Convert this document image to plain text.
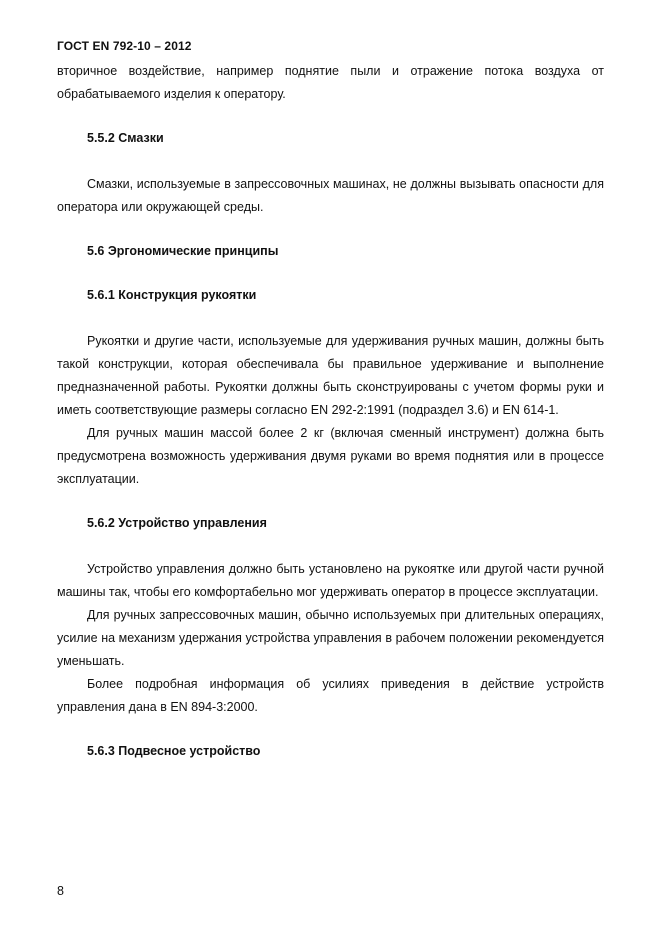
ГОСТ EN 792-10 – 2012

вторичное воздействие, например поднятие пыли и отражение потока воздуха от обрабатываемого изделия к оператору.

5.5.2 Смазки

Смазки, используемые в запрессовочных машинах, не должны вызывать опасности для оператора или окружающей среды.

5.6 Эргономические принципы

5.6.1 Конструкция рукоятки

Рукоятки и другие части, используемые для удерживания ручных машин, должны быть такой конструкции, которая обеспечивала бы правильное удерживание и выполнение предназначенной работы. Рукоятки должны быть сконструированы с учетом формы руки и иметь соответствующие размеры согласно EN 292-2:1991 (подраздел 3.6) и EN 614-1.

Для ручных машин массой более 2 кг (включая сменный инструмент) должна быть предусмотрена возможность удерживания двумя руками во время поднятия или в процессе эксплуатации.

5.6.2 Устройство управления

Устройство управления должно быть установлено на рукоятке или другой части ручной машины так, чтобы его комфортабельно мог удерживать оператор в процессе эксплуатации.

Для ручных запрессовочных машин, обычно используемых при длительных операциях, усилие на механизм удержания устройства управления в рабочем положении рекомендуется уменьшать.

Более подробная информация об усилиях приведения в действие устройств управления дана в EN 894-3:2000.

5.6.3 Подвесное устройство

8
